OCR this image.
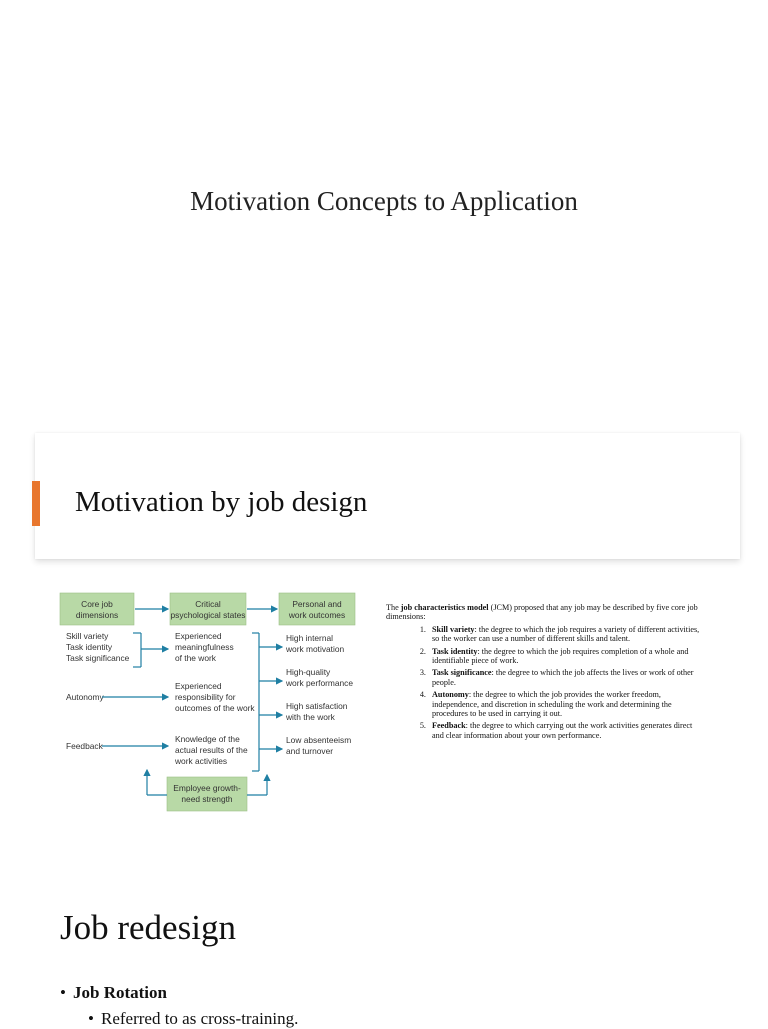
Motivation Concepts to Application
Motivation by job design
Core job
dimensions
Critical
psychological states
Personal and
work outcomes
Skill variety
Task identity
Task significance
Autonomy
Feedback
Experienced
meaningfulness
of the work
Experienced
responsibility for
outcomes of the work
Knowledge of the
actual results of the
work activities
High internal
work motivation
High-quality
work performance
High satisfaction
with the work
Low absenteeism
and turnover
Employee growth-
need strength

The job characteristics model (JCM) proposed that any job may be described by five core job dimensions:

1. Skill variety: the degree to which the job requires a variety of different activities, so the worker can use a number of different skills and talent.
2. Task identity: the degree to which the job requires completion of a whole and identifiable piece of work.
3. Task significance: the degree to which the job affects the lives or work of other people.
4. Autonomy: the degree to which the job provides the worker freedom, independence, and discretion in scheduling the work and determining the procedures to be used in carrying it out.
5. Feedback: the degree to which carrying out the work activities generates direct and clear information about your own performance.
Job redesign
• Job Rotation
• Referred to as cross-training.
